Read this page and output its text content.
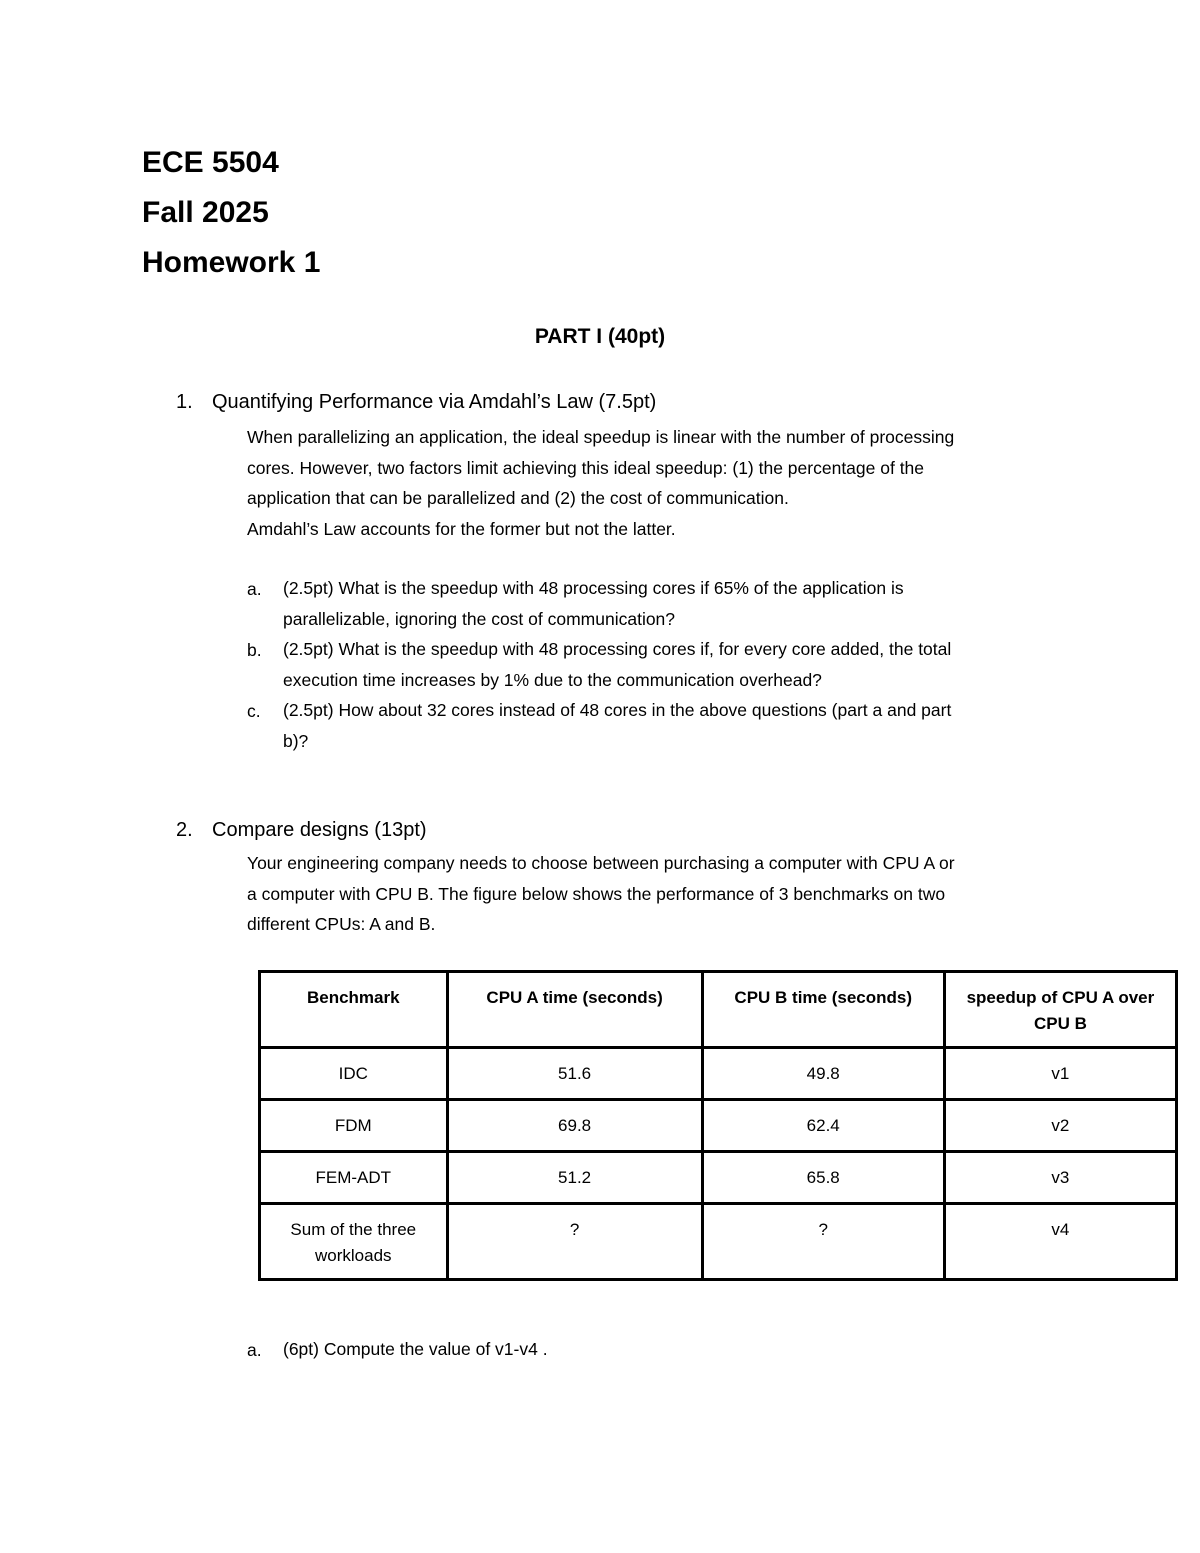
ECE 5504
Fall 2025
Homework 1
PART I (40pt)
1. Quantifying Performance via Amdahl’s Law (7.5pt)
When parallelizing an application, the ideal speedup is linear with the number of processing
cores. However, two factors limit achieving this ideal speedup: (1) the percentage of the
application that can be parallelized and (2) the cost of communication.
Amdahl’s Law accounts for the former but not the latter.
a. (2.5pt) What is the speedup with 48 processing cores if 65% of the application is
parallelizable, ignoring the cost of communication?
b. (2.5pt) What is the speedup with 48 processing cores if, for every core added, the total
execution time increases by 1% due to the communication overhead?
c. (2.5pt) How about 32 cores instead of 48 cores in the above questions (part a and part
b)?
2. Compare designs (13pt)
Your engineering company needs to choose between purchasing a computer with CPU A or
a computer with CPU B. The figure below shows the performance of 3 benchmarks on two
different CPUs: A and B.
Benchmark	CPU A time (seconds)	CPU B time (seconds)	speedup of CPU A over CPU B
IDC	51.6	49.8	v1
FDM	69.8	62.4	v2
FEM-ADT	51.2	65.8	v3
Sum of the three workloads	?	?	v4
a. (6pt) Compute the value of v1-v4 .
